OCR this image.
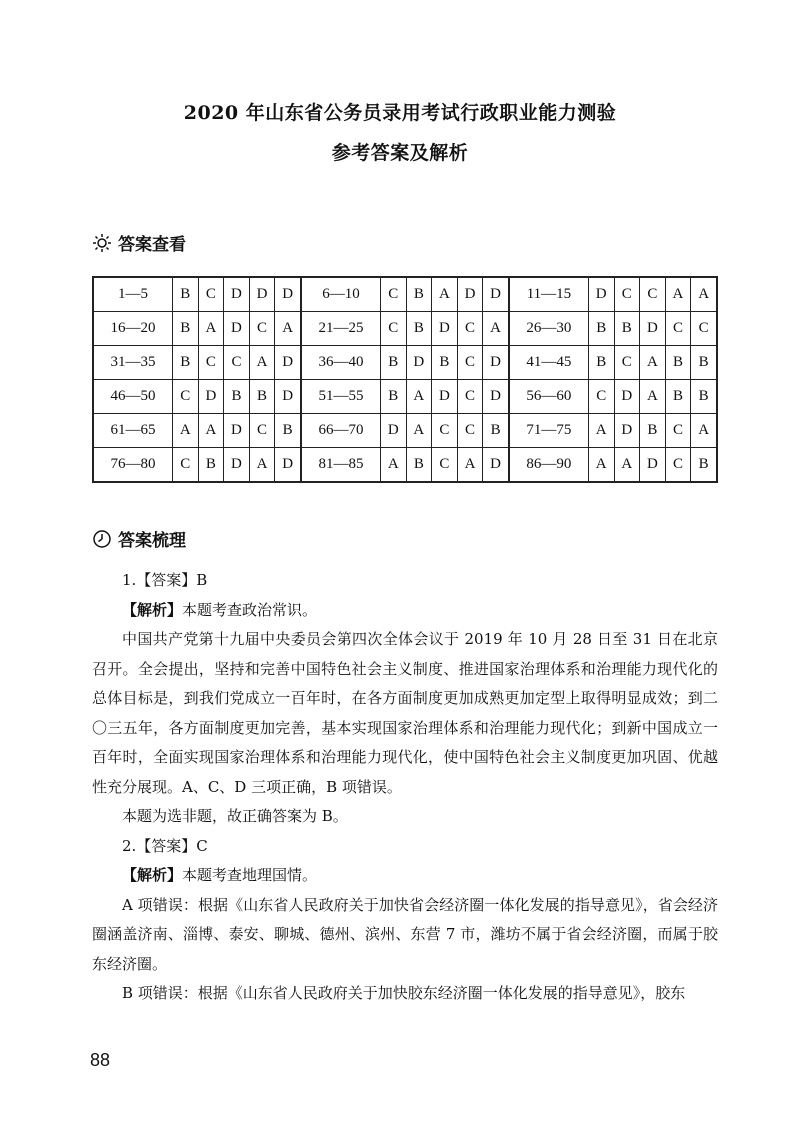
2020 年山东省公务员录用考试行政职业能力测验
参考答案及解析
答案查看
1—5	B	C	D	D	D	6—10	C	B	A	D	D	11—15	D	C	C	A	A
16—20	B	A	D	C	A	21—25	C	B	D	C	A	26—30	B	B	D	C	C
31—35	B	C	C	A	D	36—40	B	D	B	C	D	41—45	B	C	A	B	B
46—50	C	D	B	B	D	51—55	B	A	D	C	D	56—60	C	D	A	B	B
61—65	A	A	D	C	B	66—70	D	A	C	C	B	71—75	A	D	B	C	A
76—80	C	B	D	A	D	81—85	A	B	C	A	D	86—90	A	A	D	C	B
答案梳理

1.【答案】B

【解析】本题考查政治常识。

中国共产党第十九届中央委员会第四次全体会议于 2019 年 10 月 28 日至 31 日在北京召开。全会提出，坚持和完善中国特色社会主义制度、推进国家治理体系和治理能力现代化的总体目标是，到我们党成立一百年时，在各方面制度更加成熟更加定型上取得明显成效；到二〇三五年，各方面制度更加完善，基本实现国家治理体系和治理能力现代化；到新中国成立一百年时，全面实现国家治理体系和治理能力现代化，使中国特色社会主义制度更加巩固、优越性充分展现。A、C、D 三项正确，B 项错误。

本题为选非题，故正确答案为 B。

2.【答案】C

【解析】本题考查地理国情。

A 项错误：根据《山东省人民政府关于加快省会经济圈一体化发展的指导意见》，省会经济圈涵盖济南、淄博、泰安、聊城、德州、滨州、东营 7 市，潍坊不属于省会经济圈，而属于胶东经济圈。

B 项错误：根据《山东省人民政府关于加快胶东经济圈一体化发展的指导意见》，胶东

88
